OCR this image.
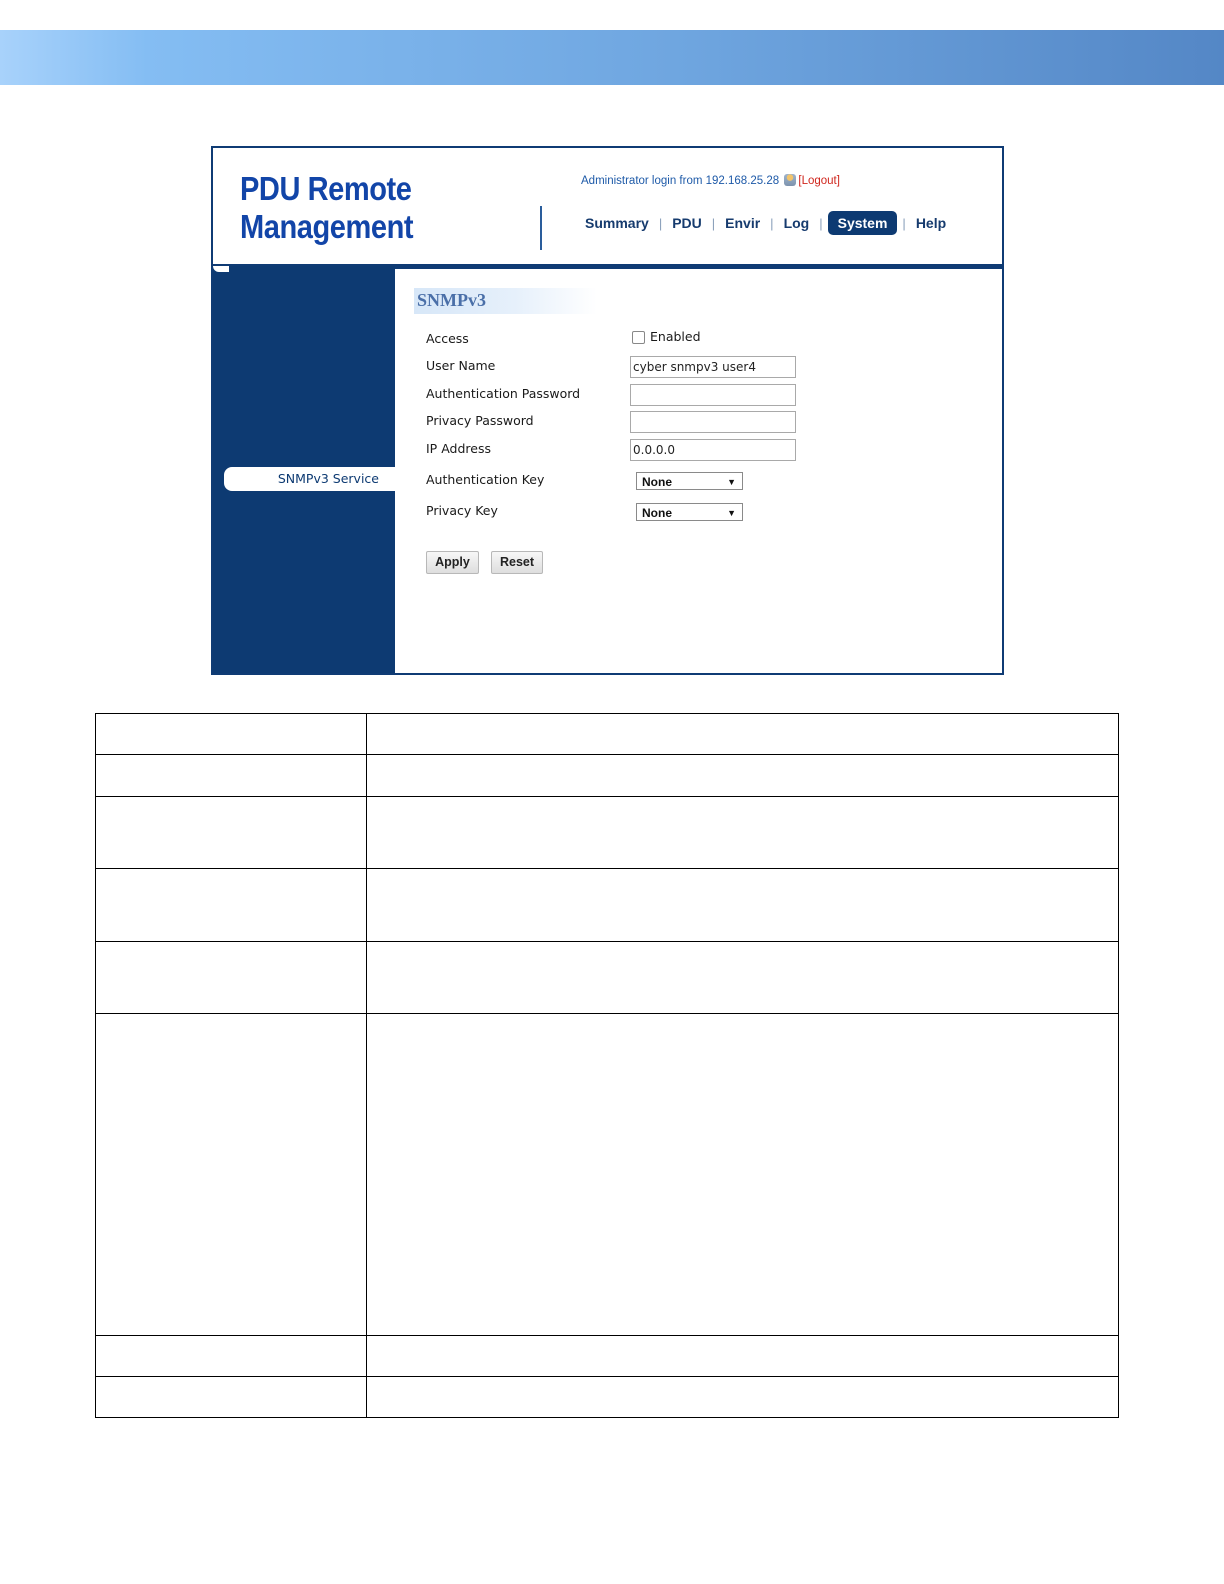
PDU Remote
Management
Administrator login from 192.168.25.28 [Logout]
Summary | PDU | Envir | Log |	System	| Help
SNMPv3 Service
SNMPv3
Access	Enabled
User Name	cyber snmpv3 user4
Authentication Password
Privacy Password
IP Address	0.0.0.0
Authentication Key	None	▼
Privacy Key	None	▼
Apply	Reset
